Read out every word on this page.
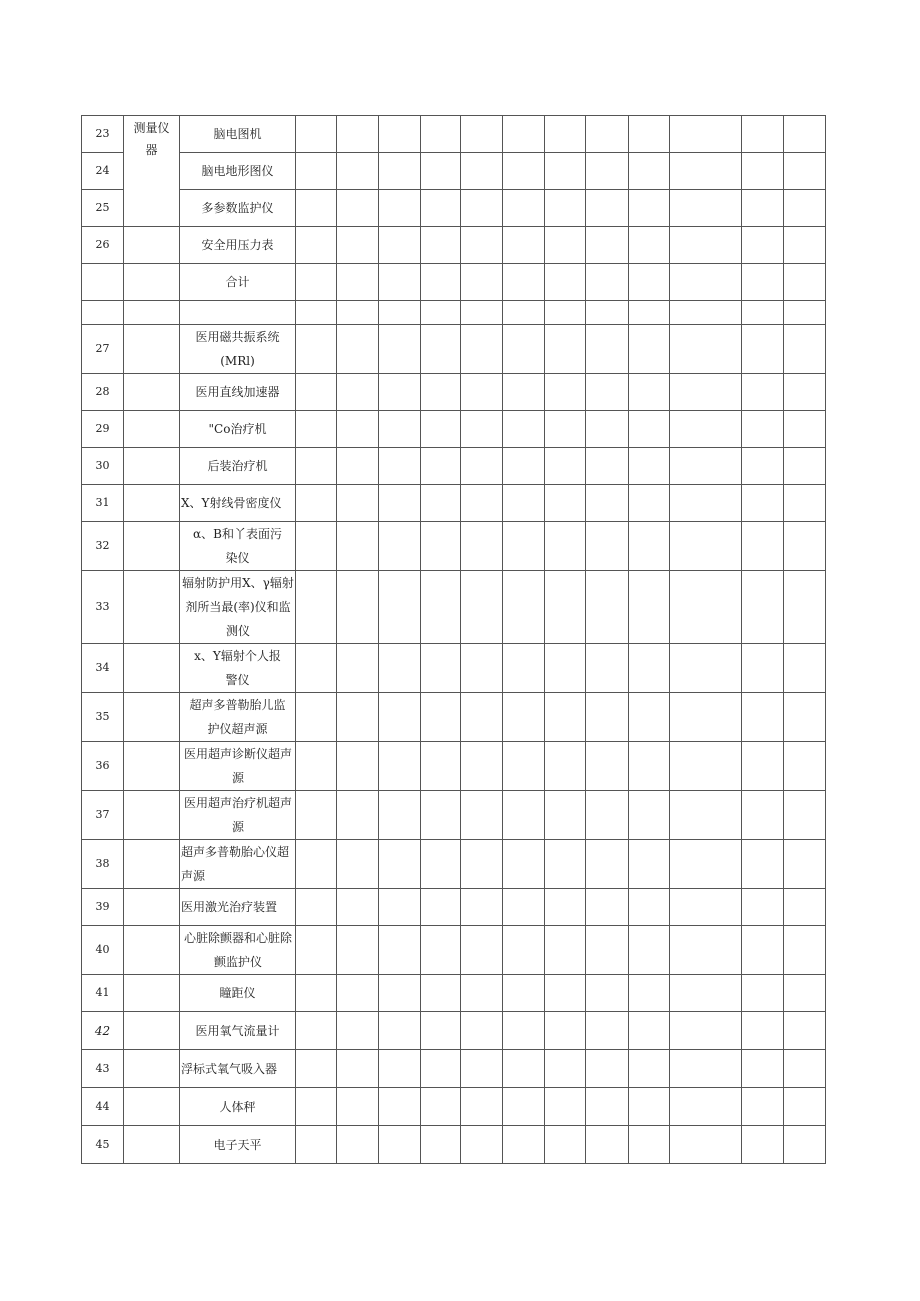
23	测量仪器	脑电图机												

24		脑电地形图仪												

25		多参数监护仪												

26		安全用压力表												

		合计												

27		医用磁共振系统 (MRl)												

28		医用直线加速器												

29		"Co治疗机												

30		后装治疗机												

31		X、Y射线骨密度仪												

32		α、B和丫表面污染仪												

33		辐射防护用X、γ辐射剂所当最(率)仪和监测仪												

34		x、Y辐射个人报警仪												

35		超声多普勒胎儿监护仪超声源												

36		医用超声诊断仪超声源												

37		医用超声治疗机超声源												

38		超声多普勒胎心仪超声源												

39		医用激光治疗装置												

40		心脏除颤器和心脏除颤监护仪												

41		瞳距仪												

42		医用氧气流量计												

43		浮标式氧气吸入器												

44		人体秤												

45		电子天平												
